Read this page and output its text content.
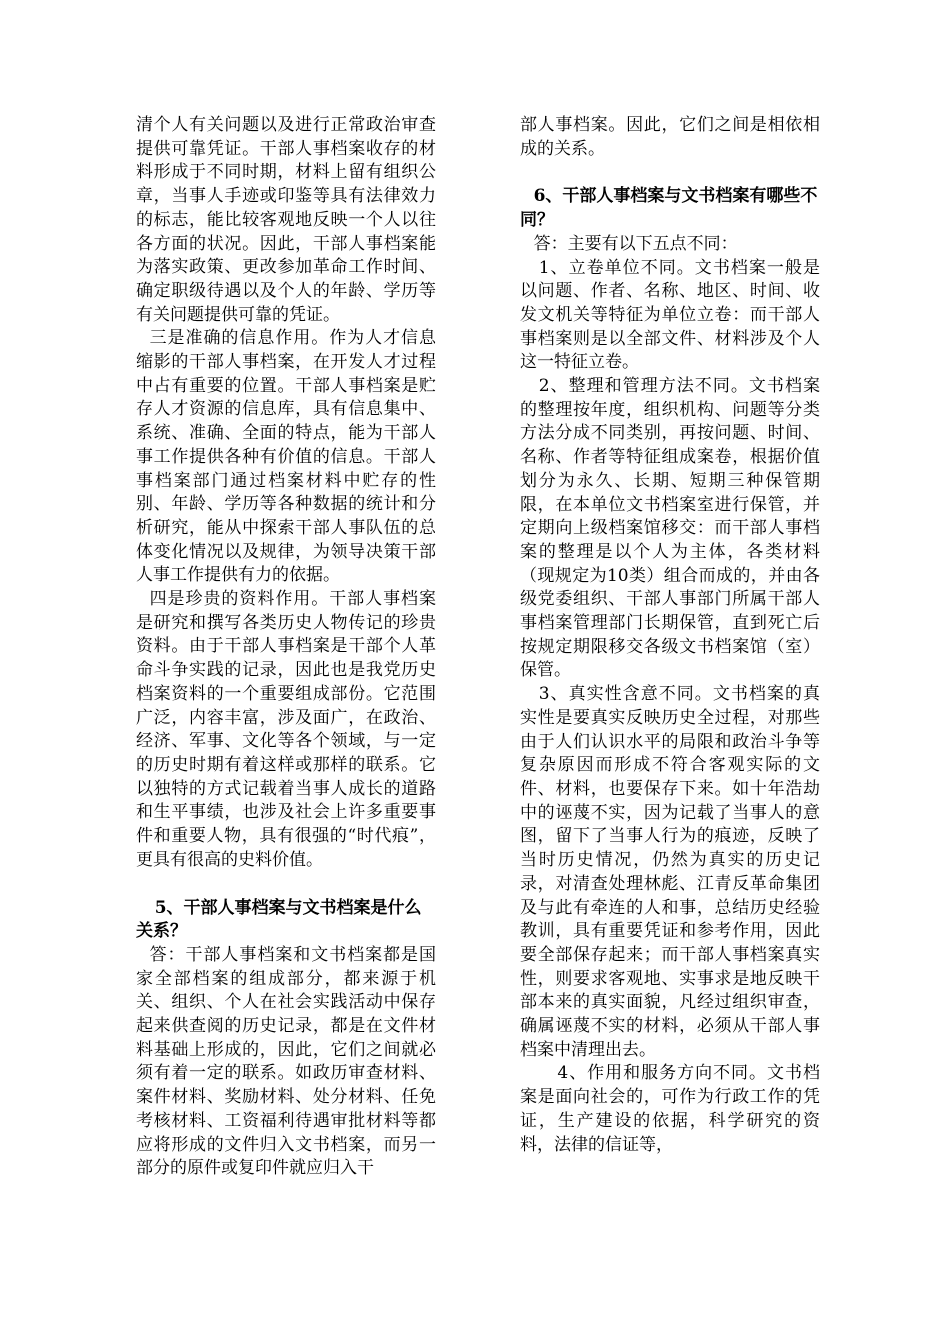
清个人有关问题以及进行正常政治审查提供可靠凭证。干部人事档案收存的材料形成于不同时期，材料上留有组织公章，当事人手迹或印鉴等具有法律效力的标志，能比较客观地反映一个人以往各方面的状况。因此，干部人事档案能为落实政策、更改参加革命工作时间、确定职级待遇以及个人的年龄、学历等有关问题提供可靠的凭证。

三是准确的信息作用。作为人才信息缩影的干部人事档案，在开发人才过程中占有重要的位置。干部人事档案是贮存人才资源的信息库，具有信息集中、系统、准确、全面的特点，能为干部人事工作提供各种有价值的信息。干部人事档案部门通过档案材料中贮存的性别、年龄、学历等各种数据的统计和分析研究，能从中探索干部人事队伍的总体变化情况以及规律，为领导决策干部人事工作提供有力的依据。

四是珍贵的资料作用。干部人事档案是研究和撰写各类历史人物传记的珍贵资料。由于干部人事档案是干部个人革命斗争实践的记录，因此也是我党历史档案资料的一个重要组成部份。它范围广泛，内容丰富，涉及面广，在政治、经济、军事、文化等各个领域，与一定的历史时期有着这样或那样的联系。它以独特的方式记载着当事人成长的道路和生平事绩，也涉及社会上许多重要事件和重要人物，具有很强的“时代痕”，更具有很高的史料价值。

5、干部人事档案与文书档案是什么关系？

答：干部人事档案和文书档案都是国家全部档案的组成部分，都来源于机关、组织、个人在社会实践活动中保存起来供查阅的历史记录，都是在文件材料基础上形成的，因此，它们之间就必须有着一定的联系。如政历审查材料、案件材料、奖励材料、处分材料、任免考核材料、工资福利待遇审批材料等都应将形成的文件归入文书档案，而另一部分的原件或复印件就应归入干

部人事档案。因此，它们之间是相依相成的关系。

6、干部人事档案与文书档案有哪些不同？

答：主要有以下五点不同：

1、立卷单位不同。文书档案一般是以问题、作者、名称、地区、时间、收发文机关等特征为单位立卷：而干部人事档案则是以全部文件、材料涉及个人这一特征立卷。

2、整理和管理方法不同。文书档案的整理按年度，组织机构、问题等分类方法分成不同类别，再按问题、时间、名称、作者等特征组成案卷，根据价值划分为永久、长期、短期三种保管期限，在本单位文书档案室进行保管，并定期向上级档案馆移交：而干部人事档案的整理是以个人为主体，各类材料（现规定为10类）组合而成的，并由各级党委组织、干部人事部门所属干部人事档案管理部门长期保管，直到死亡后按规定期限移交各级文书档案馆（室）保管。

3、真实性含意不同。文书档案的真实性是要真实反映历史全过程，对那些由于人们认识水平的局限和政治斗争等复杂原因而形成不符合客观实际的文件、材料，也要保存下来。如十年浩劫中的诬蔑不实，因为记载了当事人的意图，留下了当事人行为的痕迹，反映了当时历史情况，仍然为真实的历史记录，对清查处理林彪、江青反革命集团及与此有牵连的人和事，总结历史经验教训，具有重要凭证和参考作用，因此要全部保存起来；而干部人事档案真实性，则要求客观地、实事求是地反映干部本来的真实面貌，凡经过组织审查，确属诬蔑不实的材料，必须从干部人事档案中清理出去。

4、作用和服务方向不同。文书档案是面向社会的，可作为行政工作的凭证，生产建设的依据，科学研究的资料，法律的信证等，
